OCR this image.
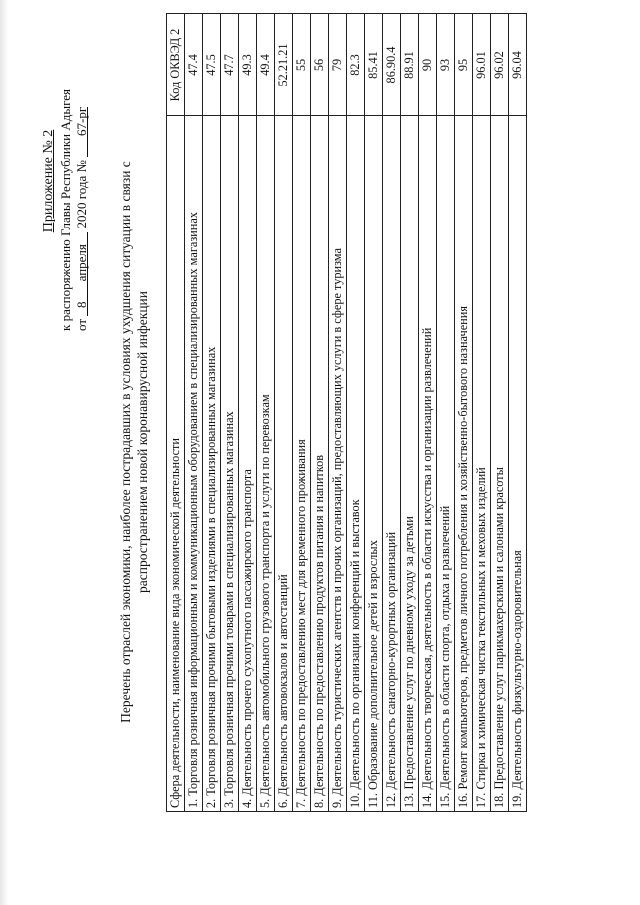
Приложение № 2 к распоряжению Главы Республики Адыгея от

8
апреля

2020 года №

67-рг
Перечень отраслей экономики, наиболее пострадавших в условиях ухудшения ситуации в связи с распространением новой коронавирусной инфекции Сфера деятельности, наименование вида экономической деятельности	Код ОКВЭД 2
1. Торговля розничная информационным и коммуникационным оборудованием в специализированных магазинах	47.4
2. Торговля розничная прочими бытовыми изделиями в специализированных магазинах	47.5
3. Торговля розничная прочими товарами в специализированных магазинах	47.7
4. Деятельность прочего сухопутного пассажирского транспорта	49.3
5. Деятельность автомобильного грузового транспорта и услуги по перевозкам	49.4
6. Деятельность автовокзалов и автостанций	52.21.21
7. Деятельность по предоставлению мест для временного проживания	55
8. Деятельность по предоставлению продуктов питания и напитков	56
9. Деятельность туристических агентств и прочих организаций, предоставляющих услуги в сфере туризма	79
10. Деятельность по организации конференций и выставок	82.3
11. Образование дополнительное детей и взрослых	85.41
12. Деятельность санаторно-курортных организаций	86.90.4
13. Предоставление услуг по дневному уходу за детьми	88.91
14. Деятельность творческая, деятельность в области искусства и организации развлечений	90
15. Деятельность в области спорта, отдыха и развлечений	93
16. Ремонт компьютеров, предметов личного потребления и хозяйственно-бытового назначения	95
17. Стирка и химическая чистка текстильных и меховых изделий	96.01
18. Предоставление услуг парикмахерскими и салонами красоты	96.02
19. Деятельность физкультурно-оздоровительная	96.04
